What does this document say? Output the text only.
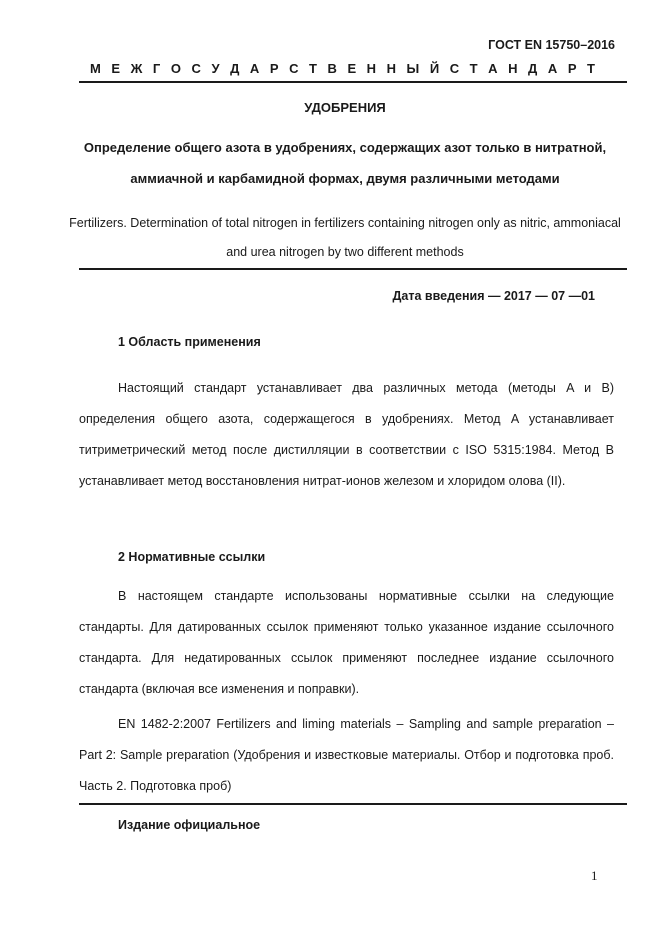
ГОСТ EN 15750–2016
М Е Ж Г О С У Д А Р С Т В Е Н Н Ы Й С Т А Н Д А Р Т
УДОБРЕНИЯ
Определение общего азота в удобрениях, содержащих азот только в нитратной,
аммиачной и карбамидной формах, двумя различными методами
Fertilizers. Determination of total nitrogen in fertilizers containing nitrogen only as nitric, ammoniacal
and urea nitrogen by two different methods
Дата введения — 2017 — 07 —01
1 Область применения
Настоящий стандарт устанавливает два различных метода (методы A и B) определения общего азота, содержащегося в удобрениях. Метод A устанавливает титриметрический метод после дистилляции в соответствии с ISO 5315:1984. Метод B устанавливает метод восстановления нитрат-ионов железом и хлоридом олова (II).
2 Нормативные ссылки
В настоящем стандарте использованы нормативные ссылки на следующие стандарты. Для датированных ссылок применяют только указанное издание ссылочного стандарта. Для недатированных ссылок применяют последнее издание ссылочного стандарта (включая все изменения и поправки).
EN 1482-2:2007 Fertilizers and liming materials – Sampling and sample preparation – Part 2: Sample preparation (Удобрения и известковые материалы. Отбор и подготовка проб. Часть 2. Подготовка проб)
Издание официальное
1
